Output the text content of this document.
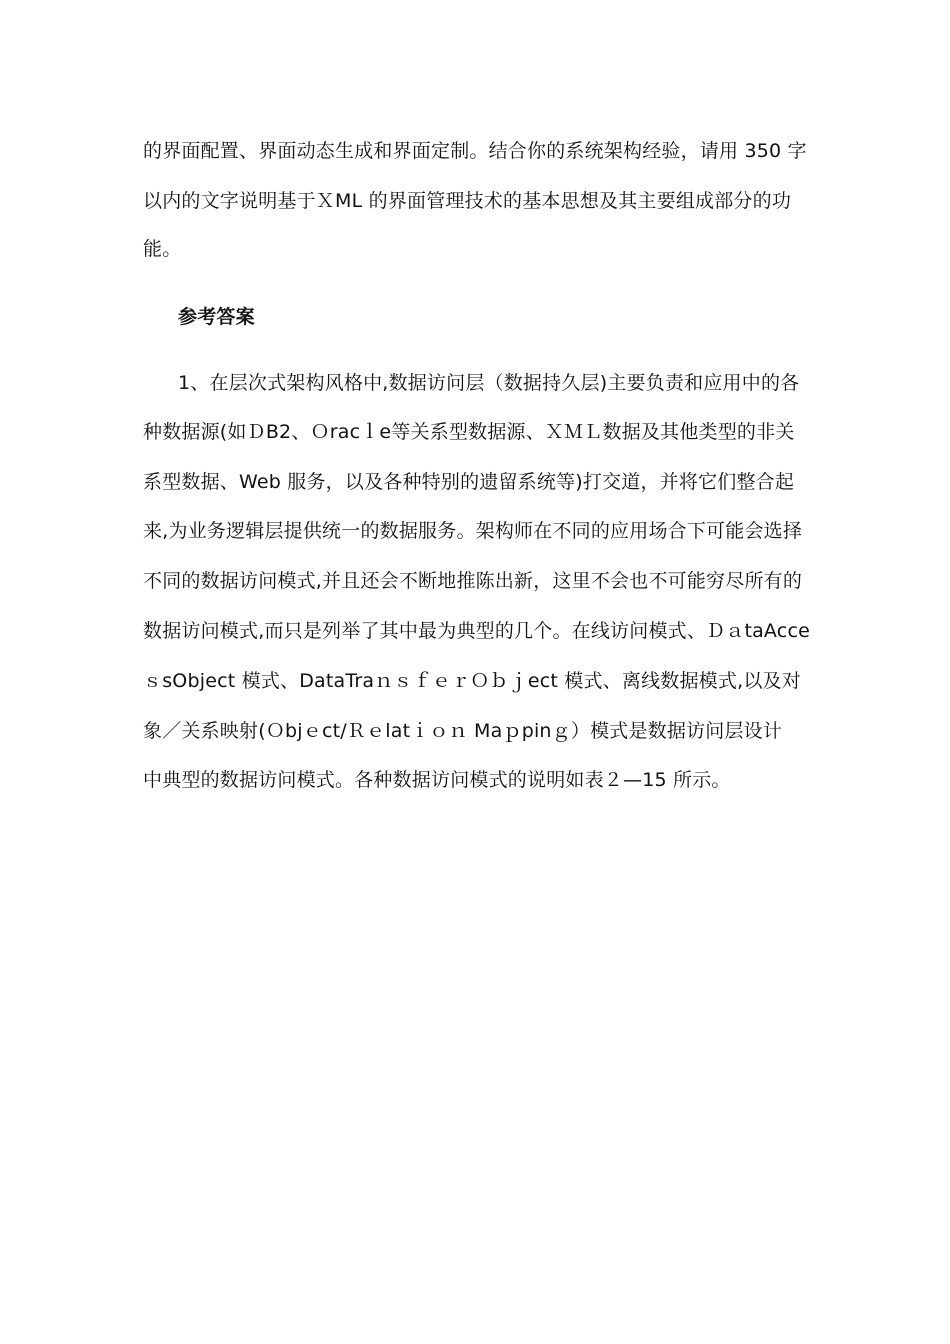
的界面配置、界面动态生成和界面定制。结合你的系统架构经验，请用 350 字
以内的文字说明基于ＸML 的界面管理技术的基本思想及其主要组成部分的功
能。
参考答案
1、在层次式架构风格中,数据访问层（数据持久层)主要负责和应用中的各
种数据源(如ＤB2、Ｏracｌe等关系型数据源、ＸＭＬ数据及其他类型的非关
系型数据、Web 服务，以及各种特别的遗留系统等)打交道，并将它们整合起
来,为业务逻辑层提供统一的数据服务。架构师在不同的应用场合下可能会选择
不同的数据访问模式,并且还会不断地推陈出新，这里不会也不可能穷尽所有的
数据访问模式,而只是列举了其中最为典型的几个。在线访问模式、ＤａtaAcce
ｓsObject 模式、DataTraｎｓｆｅｒＯｂｊect 模式、离线数据模式,以及对
象／关系映射(Ｏbjｅct/Ｒｅlatｉｏｎ Maｐpinｇ）模式是数据访问层设计
中典型的数据访问模式。各种数据访问模式的说明如表２—15 所示。
